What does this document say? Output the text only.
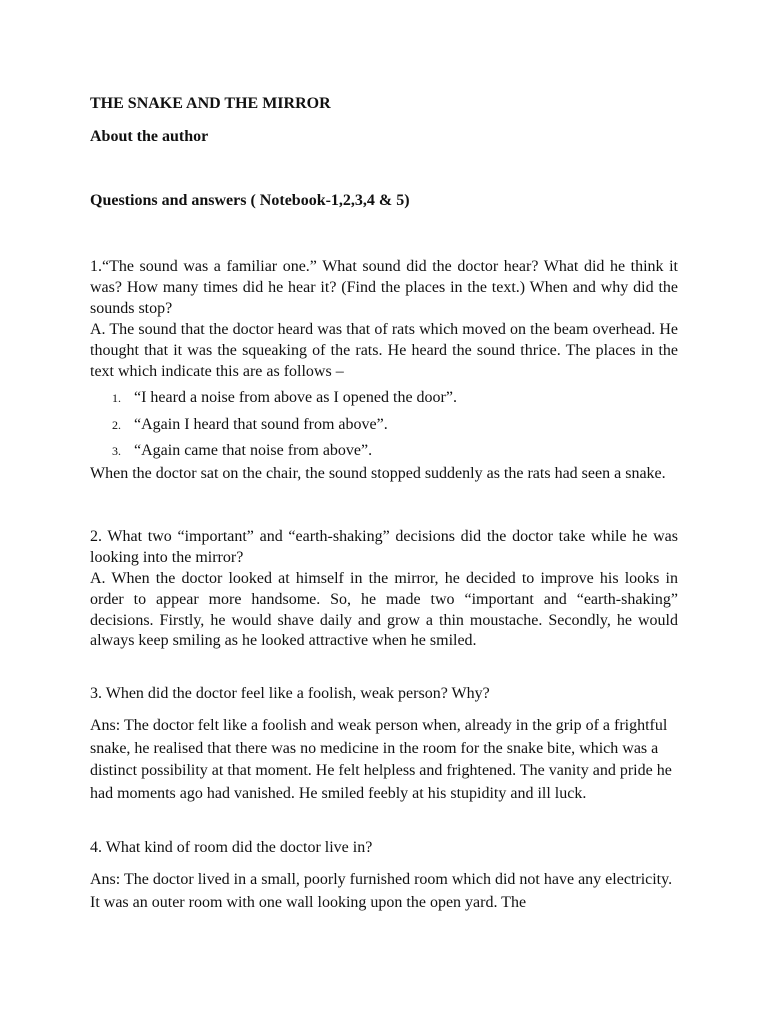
THE SNAKE AND THE MIRROR
About the author
Questions and answers ( Notebook-1,2,3,4 & 5)

1.“The sound was a familiar one.” What sound did the doctor hear? What did he think it was? How many times did he hear it? (Find the places in the text.) When and why did the sounds stop?

A. The sound that the doctor heard was that of rats which moved on the beam overhead. He thought that it was the squeaking of the rats. He heard the sound thrice. The places in the text which indicate this are as follows –

1. “I heard a noise from above as I opened the door”.
2. “Again I heard that sound from above”.
3. “Again came that noise from above”.

When the doctor sat on the chair, the sound stopped suddenly as the rats had seen a snake.

2. What two “important” and “earth-shaking” decisions did the doctor take while he was looking into the mirror?

A. When the doctor looked at himself in the mirror, he decided to improve his looks in order to appear more handsome. So, he made two “important and “earth-shaking” decisions. Firstly, he would shave daily and grow a thin moustache. Secondly, he would always keep smiling as he looked attractive when he smiled.

3. When did the doctor feel like a foolish, weak person? Why?

Ans: The doctor felt like a foolish and weak person when, already in the grip of a frightful snake, he realised that there was no medicine in the room for the snake bite, which was a distinct possibility at that moment. He felt helpless and frightened. The vanity and pride he had moments ago had vanished. He smiled feebly at his stupidity and ill luck.

4. What kind of room did the doctor live in?

Ans: The doctor lived in a small, poorly furnished room which did not have any electricity. It was an outer room with one wall looking upon the open yard. The
